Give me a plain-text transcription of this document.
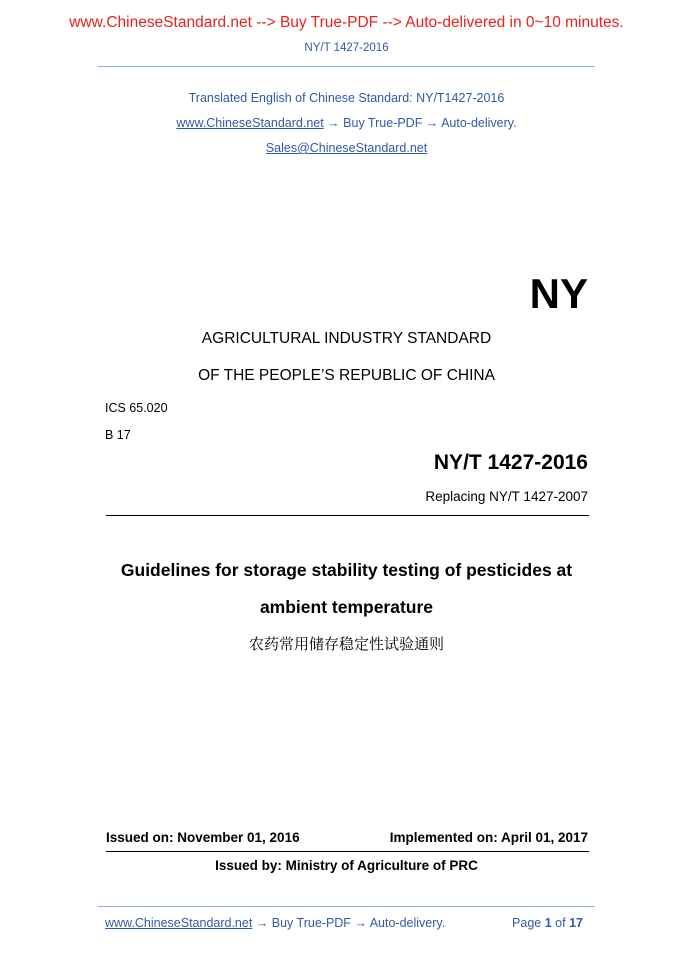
www.ChineseStandard.net --> Buy True-PDF --> Auto-delivered in 0~10 minutes.
NY/T 1427-2016
Translated English of Chinese Standard: NY/T1427-2016
www.ChineseStandard.net → Buy True-PDF → Auto-delivery.
Sales@ChineseStandard.net
NY
AGRICULTURAL INDUSTRY STANDARD
OF THE PEOPLE’S REPUBLIC OF CHINA
ICS 65.020
B 17
NY/T 1427-2016
Replacing NY/T 1427-2007
Guidelines for storage stability testing of pesticides at
ambient temperature
农药常用储存稳定性试验通则
Issued on: November 01, 2016	Implemented on: April 01, 2017
Issued by: Ministry of Agriculture of PRC
www.ChineseStandard.net → Buy True-PDF → Auto-delivery.	Page 1 of 17
